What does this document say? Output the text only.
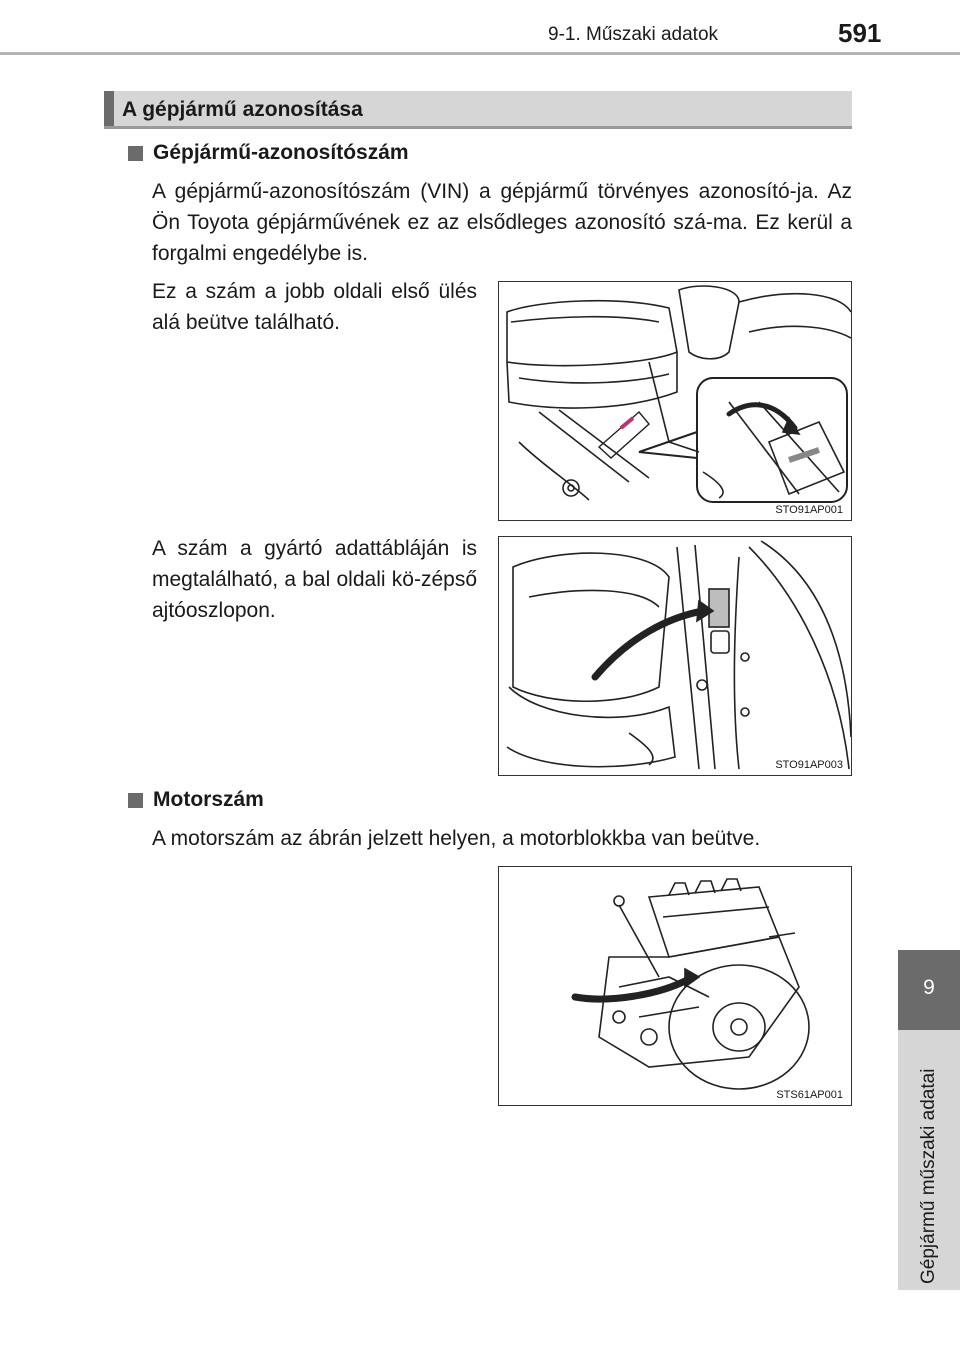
9-1. Műszaki adatok	591
A gépjármű azonosítása
Gépjármű-azonosítószám
A gépjármű-azonosítószám (VIN) a gépjármű törvényes azonosító-ja. Az Ön Toyota gépjárművének ez az elsődleges azonosító szá-ma. Ez kerül a forgalmi engedélybe is.
Ez a szám a jobb oldali első ülés alá beütve található.
STO91AP001
A szám a gyártó adattábláján is megtalálható, a bal oldali kö-zépső ajtóoszlopon.
STO91AP003
Motorszám
A motorszám az ábrán jelzett helyen, a motorblokkba van beütve.
STS61AP001
9
Gépjármű műszaki adatai
